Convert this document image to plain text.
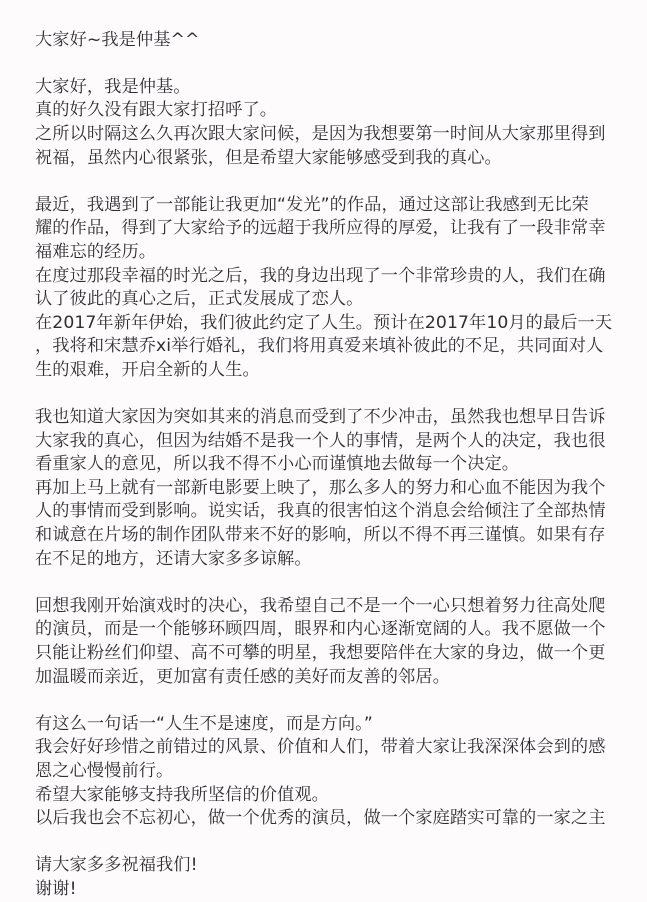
大家好~我是仲基^^
大家好，我是仲基。
真的好久没有跟大家打招呼了。
之所以时隔这么久再次跟大家问候，是因为我想要第一时间从大家那里得到
祝福，虽然内心很紧张，但是希望大家能够感受到我的真心。
最近，我遇到了一部能让我更加“发光”的作品，通过这部让我感到无比荣
耀的作品，得到了大家给予的远超于我所应得的厚爱，让我有了一段非常幸
福难忘的经历。
在度过那段幸福的时光之后，我的身边出现了一个非常珍贵的人，我们在确
认了彼此的真心之后，正式发展成了恋人。
在2017年新年伊始，我们彼此约定了人生。预计在2017年10月的最后一天
，我将和宋慧乔xi举行婚礼，我们将用真爱来填补彼此的不足，共同面对人
生的艰难，开启全新的人生。
我也知道大家因为突如其来的消息而受到了不少冲击，虽然我也想早日告诉
大家我的真心，但因为结婚不是我一个人的事情，是两个人的决定，我也很
看重家人的意见，所以我不得不小心而谨慎地去做每一个决定。
再加上马上就有一部新电影要上映了，那么多人的努力和心血不能因为我个
人的事情而受到影响。说实话，我真的很害怕这个消息会给倾注了全部热情
和诚意在片场的制作团队带来不好的影响，所以不得不再三谨慎。如果有存
在不足的地方，还请大家多多谅解。
回想我刚开始演戏时的决心，我希望自己不是一个一心只想着努力往高处爬
的演员，而是一个能够环顾四周，眼界和内心逐渐宽阔的人。我不愿做一个
只能让粉丝们仰望、高不可攀的明星，我想要陪伴在大家的身边，做一个更
加温暖而亲近，更加富有责任感的美好而友善的邻居。
有这么一句话一“人生不是速度，而是方向。”
我会好好珍惜之前错过的风景、价值和人们，带着大家让我深深体会到的感
恩之心慢慢前行。
希望大家能够支持我所坚信的价值观。
以后我也会不忘初心，做一个优秀的演员，做一个家庭踏实可靠的一家之主
请大家多多祝福我们!
谢谢!
